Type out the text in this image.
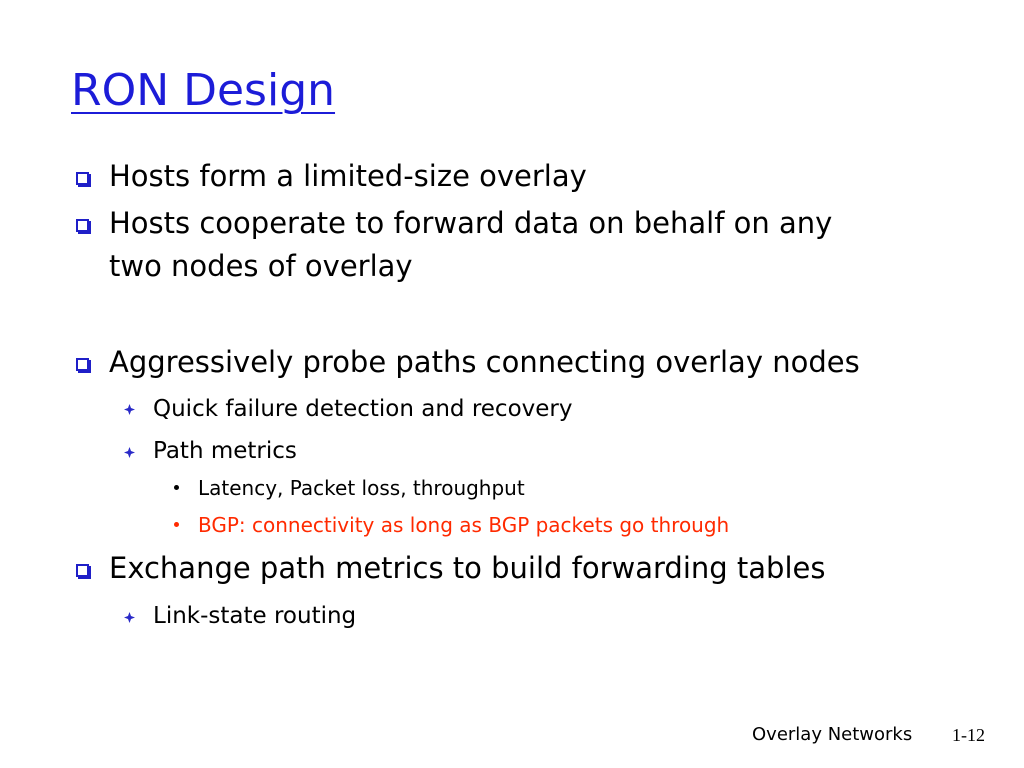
RON Design
Hosts form a limited-size overlay
Hosts cooperate to forward data on behalf on any
two nodes of overlay
Aggressively probe paths connecting overlay nodes
Quick failure detection and recovery
Path metrics
Latency, Packet loss, throughput
BGP: connectivity as long as BGP packets go through
Exchange path metrics to build forwarding tables
Link-state routing
Overlay Networks 1-12
